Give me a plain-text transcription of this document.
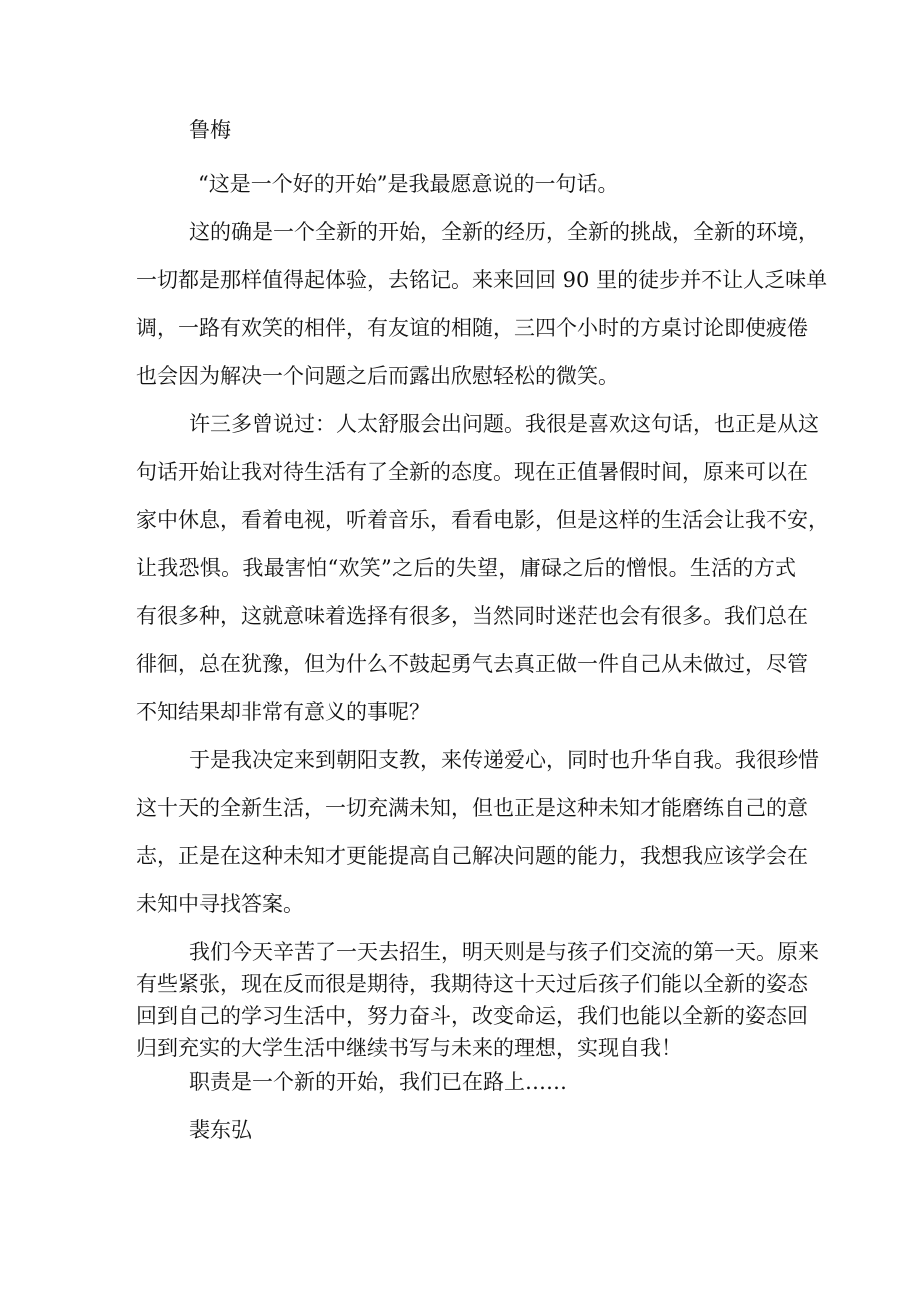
鲁梅

“这是一个好的开始”是我最愿意说的一句话。

这的确是一个全新的开始，全新的经历，全新的挑战，全新的环境，

一切都是那样值得起体验，去铭记。来来回回 90 里的徒步并不让人乏味单

调，一路有欢笑的相伴，有友谊的相随，三四个小时的方桌讨论即使疲倦

也会因为解决一个问题之后而露出欣慰轻松的微笑。

许三多曾说过：人太舒服会出问题。我很是喜欢这句话，也正是从这

句话开始让我对待生活有了全新的态度。现在正值暑假时间，原来可以在

家中休息，看着电视，听着音乐，看看电影，但是这样的生活会让我不安，

让我恐惧。我最害怕“欢笑”之后的失望，庸碌之后的憎恨。生活的方式

有很多种，这就意味着选择有很多，当然同时迷茫也会有很多。我们总在

徘徊，总在犹豫，但为什么不鼓起勇气去真正做一件自己从未做过，尽管

不知结果却非常有意义的事呢？

于是我决定来到朝阳支教，来传递爱心，同时也升华自我。我很珍惜

这十天的全新生活，一切充满未知，但也正是这种未知才能磨练自己的意

志，正是在这种未知才更能提高自己解决问题的能力，我想我应该学会在

未知中寻找答案。

我们今天辛苦了一天去招生，明天则是与孩子们交流的第一天。原来

有些紧张，现在反而很是期待，我期待这十天过后孩子们能以全新的姿态

回到自己的学习生活中，努力奋斗，改变命运，我们也能以全新的姿态回

归到充实的大学生活中继续书写与未来的理想，实现自我！

职责是一个新的开始，我们已在路上……

裴东弘
